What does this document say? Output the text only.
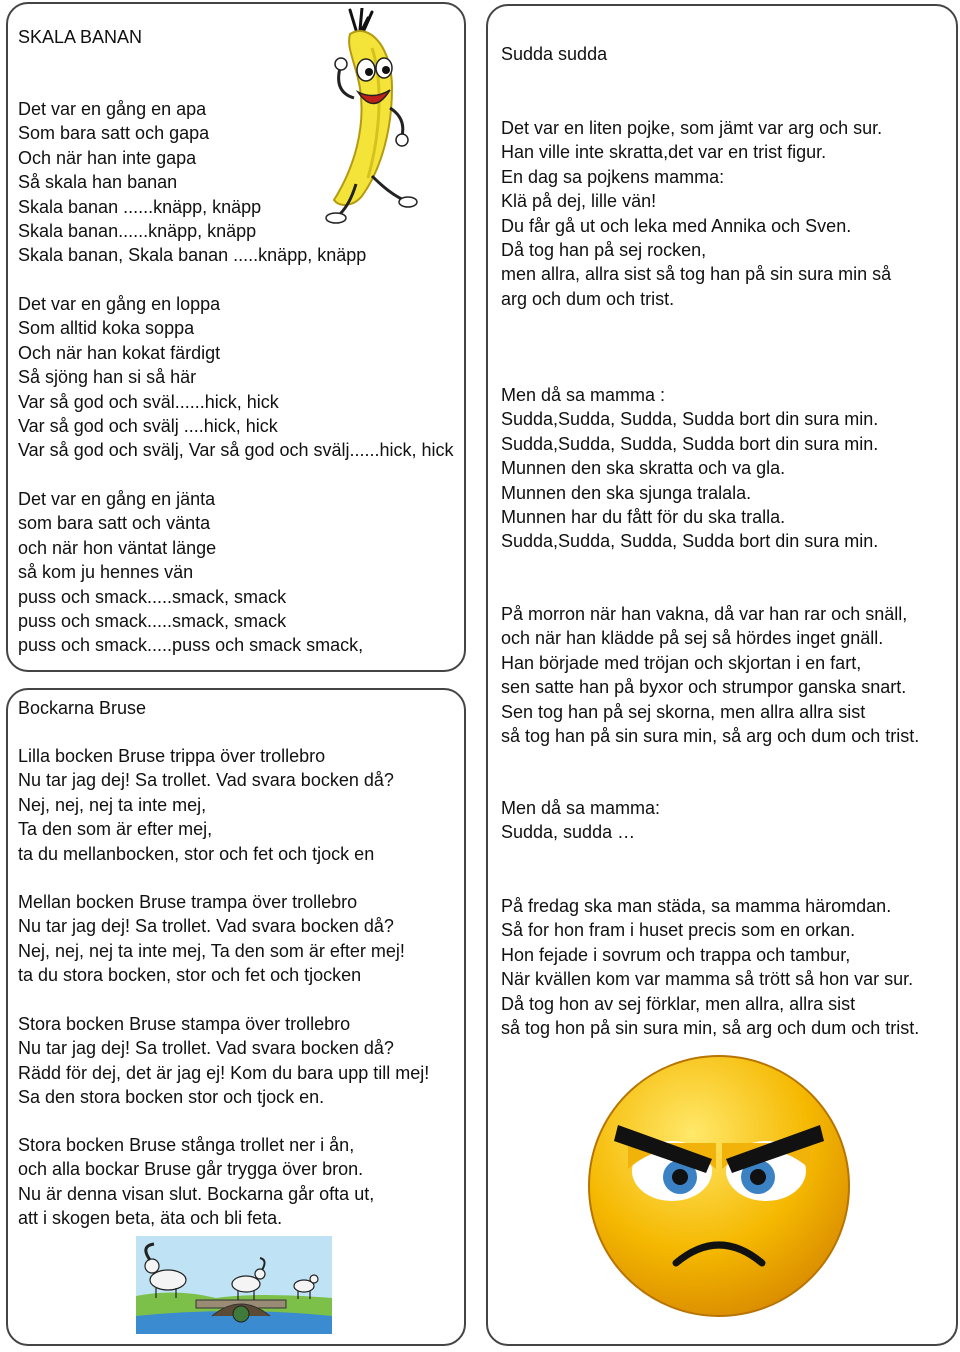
SKALA BANAN
Det var en gång en apa
Som bara satt och gapa
Och när han inte gapa
Så skala han banan
Skala banan ......knäpp, knäpp
Skala banan......knäpp, knäpp
Skala banan, Skala banan .....knäpp, knäpp
Det var en gång en loppa
Som alltid koka soppa
Och när han kokat färdigt
Så sjöng han si så här
Var så god och sväl......hick, hick
Var så god och svälj ....hick, hick
Var så god och svälj, Var så god och svälj......hick, hick
Det var en gång en jänta
som bara satt och vänta
och när hon väntat länge
så kom ju hennes vän
puss och smack.....smack, smack
puss och smack.....smack, smack
puss och smack.....puss och smack smack,
Bockarna Bruse
Lilla bocken Bruse trippa över trollebro
Nu tar jag dej! Sa trollet. Vad svara bocken då?
Nej, nej, nej ta inte mej,
Ta den som är efter mej,
ta du mellanbocken, stor och fet och tjock en
Mellan bocken Bruse trampa över trollebro
Nu tar jag dej! Sa trollet. Vad svara bocken då?
Nej, nej, nej ta inte mej, Ta den som är efter mej!
ta du stora bocken, stor och fet och tjocken
Stora bocken Bruse stampa över trollebro
Nu tar jag dej! Sa trollet. Vad svara bocken då?
Rädd för dej, det är jag ej! Kom du bara upp till mej!
Sa den stora bocken stor och tjock en.
Stora bocken Bruse stånga trollet ner i ån,
och alla bockar Bruse går trygga över bron.
Nu är denna visan slut. Bockarna går ofta ut,
att i skogen beta, äta och bli feta.
Sudda sudda
Det var en liten pojke, som jämt var arg och sur.
Han ville inte skratta,det var en trist figur.
En dag sa pojkens mamma:
Klä på dej, lille vän!
Du får gå ut och leka med Annika och Sven.
Då tog han på sej rocken,
men allra, allra sist så tog han på sin sura min så
arg och dum och trist.
Men då sa mamma :
Sudda,Sudda, Sudda, Sudda bort din sura min.
Sudda,Sudda, Sudda, Sudda bort din sura min.
Munnen den ska skratta och va gla.
Munnen den ska sjunga tralala.
Munnen har du fått för du ska tralla.
Sudda,Sudda, Sudda, Sudda bort din sura min.
På morron när han vakna, då var han rar och snäll,
och när han klädde på sej så hördes inget gnäll.
Han började med tröjan och skjortan i en fart,
sen satte han på byxor och strumpor ganska snart.
Sen tog han på sej skorna, men allra allra sist
så tog han på sin sura min, så arg och dum och trist.
Men då sa mamma:
Sudda, sudda …
På fredag ska man städa, sa mamma häromdan.
Så for hon fram i huset precis som en orkan.
Hon fejade i sovrum och trappa och tambur,
När kvällen kom var mamma så trött så hon var sur.
Då tog hon av sej förklar, men allra, allra sist
så tog hon på sin sura min, så arg och dum och trist.
